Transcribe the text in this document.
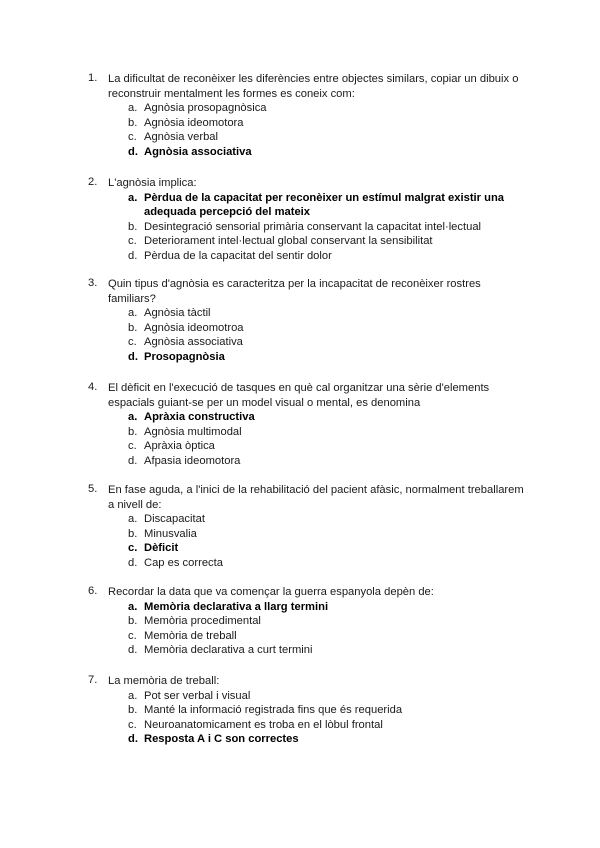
1. La dificultat de reconèixer les diferències entre objectes similars, copiar un dibuix o reconstruir mentalment les formes es coneix com:
a. Agnòsia prosopagnòsica
b. Agnòsia ideomotora
c. Agnòsia verbal
d. Agnòsia associativa
2. L'agnòsia implica:
a. Pèrdua de la capacitat per reconèixer un estímul malgrat existir una adequada percepció del mateix
b. Desintegració sensorial primària conservant la capacitat intel·lectual
c. Deteriorament intel·lectual global conservant la sensibilitat
d. Pèrdua de la capacitat del sentir dolor
3. Quin tipus d'agnòsia es caracteritza per la incapacitat de reconèixer rostres familiars?
a. Agnòsia tàctil
b. Agnòsia ideomotroa
c. Agnòsia associativa
d. Prosopagnòsia
4. El dèficit en l'execució de tasques en què cal organitzar una sèrie d'elements espacials guiant-se per un model visual o mental, es denomina
a. Apràxia constructiva
b. Agnòsia multimodal
c. Apràxia òptica
d. Afpasia ideomotora
5. En fase aguda, a l'inici de la rehabilitació del pacient afàsic, normalment treballarem a nivell de:
a. Discapacitat
b. Minusvalia
c. Dèficit
d. Cap es correcta
6. Recordar la data que va començar la guerra espanyola depèn de:
a. Memòria declarativa a llarg termini
b. Memòria procedimental
c. Memòria de treball
d. Memòria declarativa a curt termini
7. La memòria de treball:
a. Pot ser verbal i visual
b. Manté la informació registrada fins que és requerida
c. Neuroanatomicament es troba en el lòbul frontal
d. Resposta A i C son correctes
